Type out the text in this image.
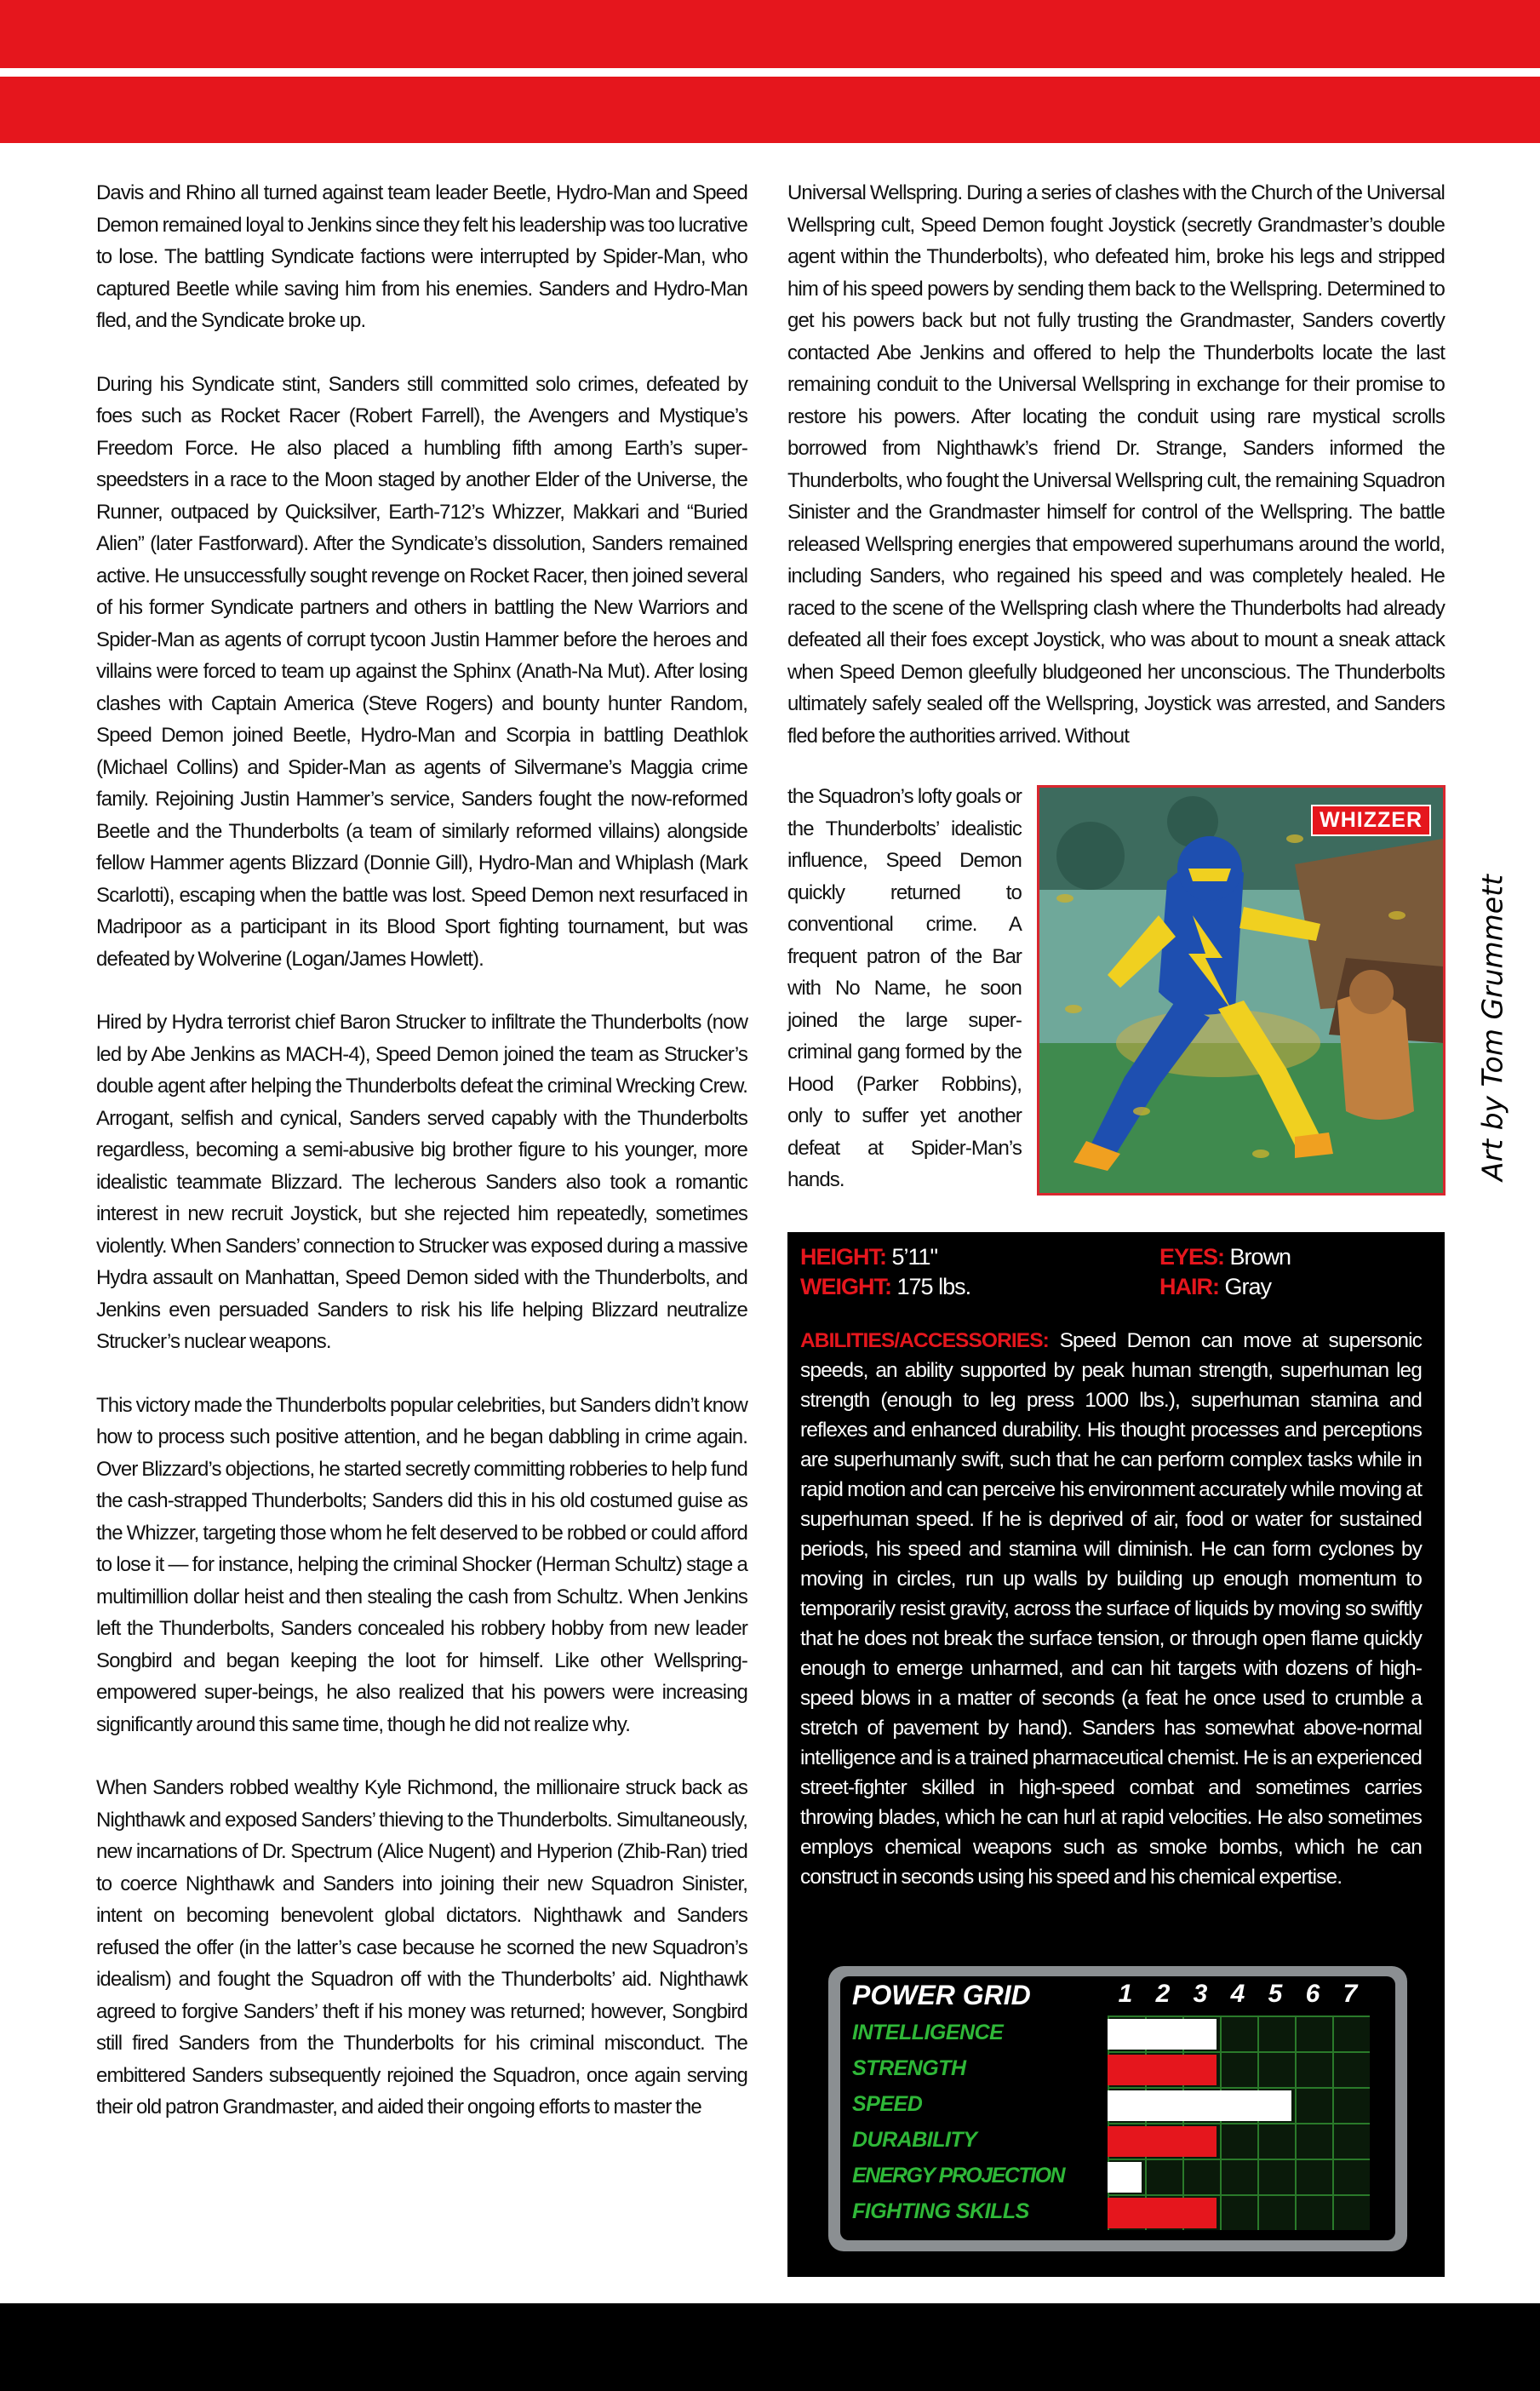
Davis and Rhino all turned against team leader Beetle, Hydro-Man and Speed Demon remained loyal to Jenkins since they felt his leadership was too lucrative to lose. The battling Syndicate factions were interrupted by Spider-Man, who captured Beetle while saving him from his enemies. Sanders and Hydro-Man fled, and the Syndicate broke up.

During his Syndicate stint, Sanders still committed solo crimes, defeated by foes such as Rocket Racer (Robert Farrell), the Avengers and Mystique’s Freedom Force. He also placed a humbling fifth among Earth’s super-speedsters in a race to the Moon staged by another Elder of the Universe, the Runner, outpaced by Quicksilver, Earth-712’s Whizzer, Makkari and “Buried Alien” (later Fastforward). After the Syndicate’s dissolution, Sanders remained active. He unsuccessfully sought revenge on Rocket Racer, then joined several of his former Syndicate partners and others in battling the New Warriors and Spider-Man as agents of corrupt tycoon Justin Hammer before the heroes and villains were forced to team up against the Sphinx (Anath-Na Mut). After losing clashes with Captain America (Steve Rogers) and bounty hunter Random, Speed Demon joined Beetle, Hydro-Man and Scorpia in battling Deathlok (Michael Collins) and Spider-Man as agents of Silvermane’s Maggia crime family. Rejoining Justin Hammer’s service, Sanders fought the now-reformed Beetle and the Thunderbolts (a team of similarly reformed villains) alongside fellow Hammer agents Blizzard (Donnie Gill), Hydro-Man and Whiplash (Mark Scarlotti), escaping when the battle was lost. Speed Demon next resurfaced in Madripoor as a participant in its Blood Sport fighting tournament, but was defeated by Wolverine (Logan/James Howlett).

Hired by Hydra terrorist chief Baron Strucker to infiltrate the Thunderbolts (now led by Abe Jenkins as MACH-4), Speed Demon joined the team as Strucker’s double agent after helping the Thunderbolts defeat the criminal Wrecking Crew. Arrogant, selfish and cynical, Sanders served capably with the Thunderbolts regardless, becoming a semi-abusive big brother figure to his younger, more idealistic teammate Blizzard. The lecherous Sanders also took a romantic interest in new recruit Joystick, but she rejected him repeatedly, sometimes violently. When Sanders’ connection to Strucker was exposed during a massive Hydra assault on Manhattan, Speed Demon sided with the Thunderbolts, and Jenkins even persuaded Sanders to risk his life helping Blizzard neutralize Strucker’s nuclear weapons.

This victory made the Thunderbolts popular celebrities, but Sanders didn’t know how to process such positive attention, and he began dabbling in crime again. Over Blizzard’s objections, he started secretly committing robberies to help fund the cash-strapped Thunderbolts; Sanders did this in his old costumed guise as the Whizzer, targeting those whom he felt deserved to be robbed or could afford to lose it — for instance, helping the criminal Shocker (Herman Schultz) stage a multimillion dollar heist and then stealing the cash from Schultz. When Jenkins left the Thunderbolts, Sanders concealed his robbery hobby from new leader Songbird and began keeping the loot for himself. Like other Wellspring-empowered super-beings, he also realized that his powers were increasing significantly around this same time, though he did not realize why.

When Sanders robbed wealthy Kyle Richmond, the millionaire struck back as Nighthawk and exposed Sanders’ thieving to the Thunderbolts. Simultaneously, new incarnations of Dr. Spectrum (Alice Nugent) and Hyperion (Zhib-Ran) tried to coerce Nighthawk and Sanders into joining their new Squadron Sinister, intent on becoming benevolent global dictators. Nighthawk and Sanders refused the offer (in the latter’s case because he scorned the new Squadron’s idealism) and fought the Squadron off with the Thunderbolts’ aid. Nighthawk agreed to forgive Sanders’ theft if his money was returned; however, Songbird still fired Sanders from the Thunderbolts for his criminal misconduct. The embittered Sanders subsequently rejoined the Squadron, once again serving their old patron Grandmaster, and aided their ongoing efforts to master the

Universal Wellspring. During a series of clashes with the Church of the Universal Wellspring cult, Speed Demon fought Joystick (secretly Grandmaster’s double agent within the Thunderbolts), who defeated him, broke his legs and stripped him of his speed powers by sending them back to the Wellspring. Determined to get his powers back but not fully trusting the Grandmaster, Sanders covertly contacted Abe Jenkins and offered to help the Thunderbolts locate the last remaining conduit to the Universal Wellspring in exchange for their promise to restore his powers. After locating the conduit using rare mystical scrolls borrowed from Nighthawk’s friend Dr. Strange, Sanders informed the Thunderbolts, who fought the Universal Wellspring cult, the remaining Squadron Sinister and the Grandmaster himself for control of the Wellspring. The battle released Wellspring energies that empowered superhumans around the world, including Sanders, who regained his speed and was completely healed. He raced to the scene of the Wellspring clash where the Thunderbolts had already defeated all their foes except Joystick, who was about to mount a sneak attack when Speed Demon gleefully bludgeoned her unconscious. The Thunderbolts ultimately safely sealed off the Wellspring, Joystick was arrested, and Sanders fled before the authorities arrived. Without

the Squadron’s lofty goals or the Thunderbolts’ idealistic influence, Speed Demon quickly returned to conventional crime. A frequent patron of the Bar with No Name, he soon joined the large super-criminal gang formed by the Hood (Parker Robbins), only to suffer yet another defeat at Spider-Man’s hands.
WHIZZER
Art by Tom Grummett
HEIGHT: 5’11"
WEIGHT: 175 lbs.
EYES: Brown
HAIR: Gray
ABILITIES/ACCESSORIES: Speed Demon can move at supersonic speeds, an ability supported by peak human strength, superhuman leg strength (enough to leg press 1000 lbs.), superhuman stamina and reflexes and enhanced durability. His thought processes and perceptions are superhumanly swift, such that he can perform complex tasks while in rapid motion and can perceive his environment accurately while moving at superhuman speed. If he is deprived of air, food or water for sustained periods, his speed and stamina will diminish. He can form cyclones by moving in circles, run up walls by building up enough momentum to temporarily resist gravity, across the surface of liquids by moving so swiftly that he does not break the surface tension, or through open flame quickly enough to emerge unharmed, and can hit targets with dozens of high-speed blows in a matter of seconds (a feat he once used to crumble a stretch of pavement by hand). Sanders has somewhat above-normal intelligence and is a trained pharmaceutical chemist. He is an experienced street-fighter skilled in high-speed combat and sometimes carries throwing blades, which he can hurl at rapid velocities. He also sometimes employs chemical weapons such as smoke bombs, which he can construct in seconds using his speed and his chemical expertise.
POWER GRID	1 2 3 4 5 6 7
INTELLIGENCE
STRENGTH
SPEED
DURABILITY
ENERGY PROJECTION
FIGHTING SKILLS
